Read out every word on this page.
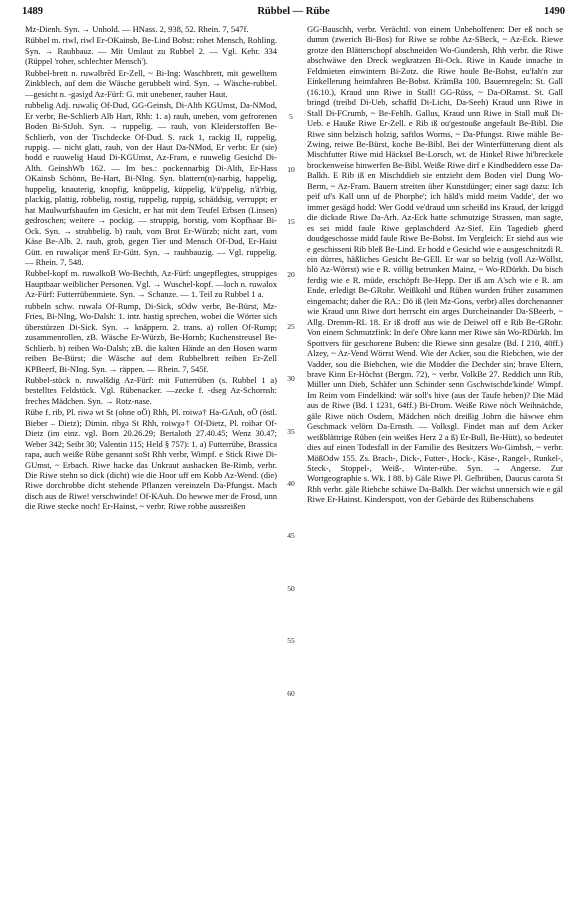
1489	Rübbel — Rübe	1490

Mz-Dienh. Syn. → Unhold. — HNass. 2, 938, 52. Rhein. 7, 547f.

Rübbel m. riwl, riwl Er-OKainsb, Be-Lind Bobst: rohet Mensch, Rohling. Syn. → Rauhbauz. — Mit Umlaut zu Rubbel 2. — Vgl. Kehr. 334 (Rüppel 'roher, schlechter Mensch').

Rubbel-brett n. ruwəlbrēd Er-Zell, ~ Bi-Ing: Waschbrett, mit gewelltem Zinkblech, auf dem die Wäsche gerubbelt wird. Syn. → Wäsche-rubbel. —gesicht n. -gəsiχd Az-Fürf: G. mit unebener, rauher Haut.

rubbelig Adj. ruwəliç Of-Dud, GG-Geinsh, Di-Alth KGUmst, Da-NMod, Er verbr, Be-Schlierb Alb Hart, Rhh: 1. a) rauh, uneben, vom gefrorenen Boden Bi-StJoh. Syn. → ruppelig. — rauh, von Kleiderstoffen Be-Schlierb, von der Tischdecke Of-Dud. S. rack 1, rackig II, ruppelig, ruppig. — nicht glatt, rauh, von der Haut Da-NMod, Er verbr. Er (sie) hodd e ruuwelig Haud Di-KGUmst, Az-Fram, e ruuwelig Gesichd Di-Alth. GeinshWb 162. — Im bes.: pockennarbig Di-Alth, Er-Hass OKainsb Schönn, Be-Hart, Bi-NIng. Syn. blattern(n)-narbig, happelig, huppelig, knauterig, knopfig, knüppelig, küppelig, k'ü'ppelig, n'ä'rbig, plackig, plattig, robbelig, rostig, ruppelig, ruppig, schäddsig, verruppt; er hat Maulwurfshaufen im Gesicht, er hat mit dem Teufel Erbsen (Linsen) gedroschen; weitere → pockig. — struppig, borstig, vom Kopfhaar Bi-Ock. Syn. → strubbelig. b) rauh, vom Brot Er-Würzb; nicht zart, vom Käse Be-Alb. 2. rauh, grob, gegen Tier und Mensch Of-Dud, Er-Haist Gütt. en ruwəliçər menš Er-Gütt. Syn. → rauhbauzig. — Vgl. ruppelig. — Rhein. 7, 548.

Rubbel-kopf m. ruwəlkoB Wo-Bechth, Az-Fürf: ungepflegtes, struppiges Hauptbaar weiblicher Personen. Vgl. → Wuschel-kopf. —loch n. ruwəlox Az-Fürf: Futterrübenmiete. Syn. → Schanze. — 1. Teil zu Rubbel 1 a.

rubbeln schw. ruwəlǝ Of-Rump, Di-Sick, sOdw verbr, Be-Bürst, Mz-Fries, Bi-NIng, Wo-Dalsh: 1. intr. hastig sprechen, wobei die Wörter sich überstürzen Di-Sick. Syn. → knäppern. 2. trans. a) rollen Of-Rump; zusammenrollen, zB. Wäsche Er-Würzb, Be-Hornb; Kuchenstreusel Be-Schlierb. b) reiben Wo-Dalsh; zB. die kalten Hände an den Hosen warm reiben Be-Bürst; die Wäsche auf dem Rubbelbrett reiben Er-Zell KPBeerf, Bi-NIng. Syn. → räppen. — Rhein. 7, 545f.

Rubbel-stück n. ruwəlšdig Az-Fürf: mit Futterrüben (s. Rubbel 1 a) bestelltes Feldstück. Vgl. Rübenacker. —zecke f. -dseg Az-Schornsh: freches Mädchen. Syn. → Rotz-nase.

Rübe f. rib, Pl. riwə wt St (ohne oÖ) Rhh, Pl. roiwə† Ha-GAuh, oÖ (östl. Bieber – Dietz); Dimin. ribχə St Rhh, roiwχə† Of-Dietz, Pl. roibər Of-Dietz (im einz. vgl. Born 20.26.29; Bertaloth 27.40.45; Wenz 30.47; Weber 342; Seibt 30; Valentin 115; Held § 757): 1. a) Futterrübe, Brassica rapa, auch weiße Rübe genannt soSt Rhh verbr, Wimpf. e Stick Riwe Di-GUmst, ~ Erbach. Riwe hacke das Unkraut aushacken Be-Rimb, verbr. Die Riwe stehn so dick (dicht) wie die Hoor uff em Kobb Az-Wend. (die) Riwe dorchrobbe dicht stehende Pflanzen vereinzeln Da-Pfungst. Mach disch aus de Riwe! verschwinde! Of-KAuh. Do hewwe mer de Frosd, unn die Riwe stecke noch! Er-Hainst, ~ verbr. Riwe robbe aussreißen

5
10
15
20
25
30
35
40
45
50
55
60

GG-Bauschh, verbr. Verächtl. von einem Unbeholfenen: Der eß noch se dumm (zwerich Bi-Bos) for Riwe se robbe Az-SBeck, ~ Az-Eck. Riewe grotze den Blätterschopf abschneiden Wo-Gundersh, Rhh verbr. die Riwe abschwäwe den Dreck wegkratzen Bi-Ock. Riwe in Kaude innache in Feldmieten einwintern Bi-Zotz. die Riwe houle Be-Bobst, eu'fah'n zur Einkellerung heimfahren Be-Bobst. KrämBa 100. Bauernregeln: St. Gall (16.10.), Kraud unn Riwe in Stall! GG-Rüss, ~ Da-ORamst. St. Gall bringd (treibd Di-Ueb, schaffd Di-Licht, Da-Seeh) Kraud unn Riwe in Stall Di-FCrumb, ~ Be-Fehlh. Gallus, Kraud unn Riwe in Stall muß Di-Ueb. e Hauße Riwe Er-Zell. e Rib iß ou'gestouße angefault Be-Bibl. Die Riwe sinn belzisch holzig, saftlos Worms, ~ Da-Pfungst. Riwe mähle Be-Zwing, reiwe Be-Bürst, koche Be-Bibl. Bei der Winterfütterung dient als Mischfutter Riwe mid Häcksel Be-Lorsch, wt. de Hinkel Riwe hi'breckele brockenweise hinwerfen Be-Bibl. Weiße Riwe dirf e Kindbeddern esse Da-Balkh. E Rib iß en Mischddieb sie entzieht dem Boden viel Dung Wo-Berm, ~ Az-Fram. Bauern streiten über Kunstdünger; einer sagt dazu: Ich peif uf's Kall unn uf de Phorphe'; ich häld's midd meim Vadde', der wo immer gesägd hodd: Wer Godd ve'draud unn scheißd ins Kraud, der kriggd die dicksde Riwe Da-Arh. Az-Eck hatte schmutzige Strassen, man sagte, es sei midd faule Riwe geplaschderd Az-Sief. Ein Tagedieb gherd doudgeschosse midd faule Riwe Be-Bobst. Im Vergleich: Er siehd aus wie e geschisseni Rib bleß Be-Lind. Er hodd e Gesichd wie e ausgeschnitzdi R. ein dürres, häßliches Gesicht Be-GEll. Er war so belzig (voll Az-Wöllst, blö Az-Wörrst) wie e R. völlig betrunken Mainz, ~ Wo-RDürkh. Du bisch ferdig wie e R. müde, erschöpft Be-Hepp. Der iß am A'sch wie e R. am Ende, erledigt Be-GRohr. Weißkohl und Rüben wurden früher zusammen eingemacht; daher die RA.: Dö iß (leit Mz-Gons, verbr) alles dorchenanner wie Kraud unn Riwe dort herrscht ein arges Durcheinander Da-SBeerb, ~ Allg. Dremm-RL 18. Er iß droff aus wie de Deiwel off e Rib Be-GRohr. Von einem Schmutzfink: In dei'e Ohre kann mer Riwe sän Wo-RDürkh. Im Spottvers für geschorene Buben: die Riewe sinn gesalze (Bd. I 210, 40ff.) Alzey, ~ Az-Vend Wörrst Wend. Wie der Acker, sou die Riebchen, wie der Vadder, sou die Biebchen, wie die Modder die Dechder sin; brave Eltern, brave Kinn Er-Höchst (Bergm. 72), ~ verbr. VolkBe 27. Reddich unn Rib, Müller unn Dieb, Schäfer unn Schinder senn Gschwischde'kinde' Wimpf. Im Reim vom Findelkind: wär soll's hive (aus der Taufe heben)? Die Mäd aus de Riwe (Bd. I 1231, 64ff.) Bi-Drom. Weiße Riwe nöch Weihnächde, gäle Riwe nöch Osdern, Mädchen nöch dreißig Johrn die häwwe ehrn Geschmack velörn Da-Ernsth. — Volksgl. Findet man auf dem Acker weißblättrige Rüben (ein weißes Herz 2 a ß) Er-Bull, Be-Hütt), so bedeutet dies auf einen Todesfall in der Familie des Besitzers Wo-Gimbsh, ~ verbr. MößOdw 155. Zs. Brach-, Dick-, Futter-, Hock-, Käse-, Rangel-, Runkel-, Steck-, Stoppel-, Weiß-, Winter-rübe. Syn. → Angerse. Zur Wortgeographie s. Wk. I 88. b) Gäle Riwe Pl. Gelbrüben, Daucus carota St Rhh verbr. gäle Riebche schäwe Da-Balkh. Der wächst unnersich wie e gäl Riwe Er-Hainst. Kinderspott, von der Gebärde des Rübenschabens
